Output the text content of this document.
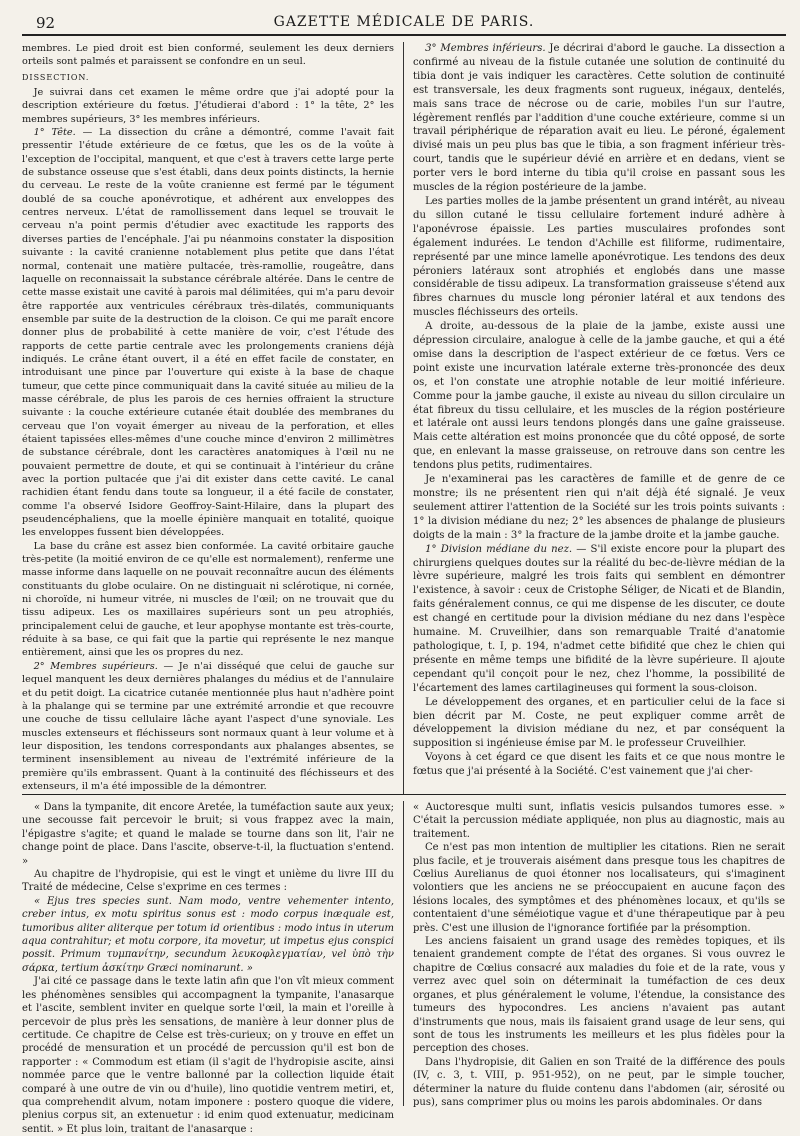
92	GAZETTE MÉDICALE DE PARIS.

membres. Le pied droit est bien conformé, seulement les deux derniers orteils sont palmés et paraissent se confondre en un seul.

DISSECTION.

Je suivrai dans cet examen le même ordre que j'ai adopté pour la description extérieure du fœtus. J'étudierai d'abord : 1° la tête, 2° les membres supérieurs, 3° les membres inférieurs.

1° Tête. — La dissection du crâne a démontré, comme l'avait fait pressentir l'étude extérieure de ce fœtus, que les os de la voûte à l'exception de l'occipital, manquent, et que c'est à travers cette large perte de substance osseuse que s'est établi, dans deux points distincts, la hernie du cerveau. Le reste de la voûte cranienne est fermé par le tégument doublé de sa couche aponévrotique, et adhérent aux enveloppes des centres nerveux. L'état de ramollissement dans lequel se trouvait le cerveau n'a point permis d'étudier avec exactitude les rapports des diverses parties de l'encéphale. J'ai pu néanmoins constater la disposition suivante : la cavité cranienne notablement plus petite que dans l'état normal, contenait une matière pultacée, très-ramollie, rougeâtre, dans laquelle on reconnaissait la substance cérébrale altérée. Dans le centre de cette masse existait une cavité à parois mal délimitées, qui m'a paru devoir être rapportée aux ventricules cérébraux très-dilatés, communiquants ensemble par suite de la destruction de la cloison. Ce qui me paraît encore donner plus de probabilité à cette manière de voir, c'est l'étude des rapports de cette partie centrale avec les prolongements craniens déjà indiqués. Le crâne étant ouvert, il a été en effet facile de constater, en introduisant une pince par l'ouverture qui existe à la base de chaque tumeur, que cette pince communiquait dans la cavité située au milieu de la masse cérébrale, de plus les parois de ces hernies offraient la structure suivante : la couche extérieure cutanée était doublée des membranes du cerveau que l'on voyait émerger au niveau de la perforation, et elles étaient tapissées elles-mêmes d'une couche mince d'environ 2 millimètres de substance cérébrale, dont les caractères anatomiques à l'œil nu ne pouvaient permettre de doute, et qui se continuait à l'intérieur du crâne avec la portion pultacée que j'ai dit exister dans cette cavité. Le canal rachidien étant fendu dans toute sa longueur, il a été facile de constater, comme l'a observé Isidore Geoffroy-Saint-Hilaire, dans la plupart des pseudencéphaliens, que la moelle épinière manquait en totalité, quoique les enveloppes fussent bien développées.

La base du crâne est assez bien conformée. La cavité orbitaire gauche très-petite (la moitié environ de ce qu'elle est normalement), renferme une masse informe dans laquelle on ne pouvait reconnaître aucun des éléments constituants du globe oculaire. On ne distinguait ni sclérotique, ni cornée, ni choroïde, ni humeur vitrée, ni muscles de l'œil; on ne trouvait que du tissu adipeux. Les os maxillaires supérieurs sont un peu atrophiés, principalement celui de gauche, et leur apophyse montante est très-courte, réduite à sa base, ce qui fait que la partie qui représente le nez manque entièrement, ainsi que les os propres du nez.

2° Membres supérieurs. — Je n'ai disséqué que celui de gauche sur lequel manquent les deux dernières phalanges du médius et de l'annulaire et du petit doigt. La cicatrice cutanée mentionnée plus haut n'adhère point à la phalange qui se termine par une extrémité arrondie et que recouvre une couche de tissu cellulaire lâche ayant l'aspect d'une synoviale. Les muscles extenseurs et fléchisseurs sont normaux quant à leur volume et à leur disposition, les tendons correspondants aux phalanges absentes, se terminent insensiblement au niveau de l'extrémité inférieure de la première qu'ils embrassent. Quant à la continuité des fléchisseurs et des extenseurs, il m'a été impossible de la démontrer.

3° Membres inférieurs. Je décrirai d'abord le gauche. La dissection a confirmé au niveau de la fistule cutanée une solution de continuité du tibia dont je vais indiquer les caractères. Cette solution de continuité est transversale, les deux fragments sont rugueux, inégaux, dentelés, mais sans trace de nécrose ou de carie, mobiles l'un sur l'autre, légèrement renflés par l'addition d'une couche extérieure, comme si un travail périphérique de réparation avait eu lieu. Le péroné, également divisé mais un peu plus bas que le tibia, a son fragment inférieur très-court, tandis que le supérieur dévié en arrière et en dedans, vient se porter vers le bord interne du tibia qu'il croise en passant sous les muscles de la région postérieure de la jambe.

Les parties molles de la jambe présentent un grand intérêt, au niveau du sillon cutané le tissu cellulaire fortement induré adhère à l'aponévrose épaissie. Les parties musculaires profondes sont également indurées. Le tendon d'Achille est filiforme, rudimentaire, représenté par une mince lamelle aponévrotique. Les tendons des deux péroniers latéraux sont atrophiés et englobés dans une masse considérable de tissu adipeux. La transformation graisseuse s'étend aux fibres charnues du muscle long péronier latéral et aux tendons des muscles fléchisseurs des orteils.

A droite, au-dessous de la plaie de la jambe, existe aussi une dépression circulaire, analogue à celle de la jambe gauche, et qui a été omise dans la description de l'aspect extérieur de ce fœtus. Vers ce point existe une incurvation latérale externe très-prononcée des deux os, et l'on constate une atrophie notable de leur moitié inférieure. Comme pour la jambe gauche, il existe au niveau du sillon circulaire un état fibreux du tissu cellulaire, et les muscles de la région postérieure et latérale ont aussi leurs tendons plongés dans une gaîne graisseuse. Mais cette altération est moins prononcée que du côté opposé, de sorte que, en enlevant la masse graisseuse, on retrouve dans son centre les tendons plus petits, rudimentaires.

Je n'examinerai pas les caractères de famille et de genre de ce monstre; ils ne présentent rien qui n'ait déjà été signalé. Je veux seulement attirer l'attention de la Société sur les trois points suivants : 1° la division médiane du nez; 2° les absences de phalange de plusieurs doigts de la main : 3° la fracture de la jambe droite et la jambe gauche.

1° Division médiane du nez. — S'il existe encore pour la plupart des chirurgiens quelques doutes sur la réalité du bec-de-lièvre médian de la lèvre supérieure, malgré les trois faits qui semblent en démontrer l'existence, à savoir : ceux de Cristophe Séliger, de Nicati et de Blandin, faits généralement connus, ce qui me dispense de les discuter, ce doute est changé en certitude pour la division médiane du nez dans l'espèce humaine. M. Cruveilhier, dans son remarquable Traité d'anatomie pathologique, t. I, p. 194, n'admet cette bifidité que chez le chien qui présente en même temps une bifidité de la lèvre supérieure. Il ajoute cependant qu'il conçoit pour le nez, chez l'homme, la possibilité de l'écartement des lames cartilagineuses qui forment la sous-cloison.

Le développement des organes, et en particulier celui de la face si bien décrit par M. Coste, ne peut expliquer comme arrêt de développement la division médiane du nez, et par conséquent la supposition si ingénieuse émise par M. le professeur Cruveilhier.

Voyons à cet égard ce que disent les faits et ce que nous montre le fœtus que j'ai présenté à la Société. C'est vainement que j'ai cher-

« Dans la tympanite, dit encore Aretée, la tuméfaction saute aux yeux; une secousse fait percevoir le bruit; si vous frappez avec la main, l'épigastre s'agite; et quand le malade se tourne dans son lit, l'air ne change point de place. Dans l'ascite, observe-t-il, la fluctuation s'entend. »

Au chapitre de l'hydropisie, qui est le vingt et unième du livre III du Traité de médecine, Celse s'exprime en ces termes :

« Ejus tres species sunt. Nam modo, ventre vehementer intento, creber intus, ex motu spiritus sonus est : modo corpus inæquale est, tumoribus aliter aliterque per totum id orientibus : modo intus in uterum aqua contrahitur; et motu corpore, ita movetur, ut impetus ejus conspici possit. Primum τυμπανίτην, secundum λευκοφλεγματίαν, vel ὑπὸ τὴν σάρκα, tertium ἀσκίτην Græci nominarunt. »

J'ai cité ce passage dans le texte latin afin que l'on vît mieux comment les phénomènes sensibles qui accompagnent la tympanite, l'anasarque et l'ascite, semblent inviter en quelque sorte l'œil, la main et l'oreille à percevoir de plus près les sensations, de manière à leur donner plus de certitude. Ce chapitre de Celse est très-curieux; on y trouve en effet un procédé de mensuration et un procédé de percussion qu'il est bon de rapporter : « Commodum est etiam (il s'agit de l'hydropisie ascite, ainsi nommée parce que le ventre ballonné par la collection liquide était comparé à une outre de vin ou d'huile), lino quotidie ventrem metiri, et, qua comprehendit alvum, notam imponere : postero quoque die videre, plenius corpus sit, an extenuetur : id enim quod extenuatur, medicinam sentit. » Et plus loin, traitant de l'anasarque :

« Auctoresque multi sunt, inflatis vesicis pulsandos tumores esse. » C'était la percussion médiate appliquée, non plus au diagnostic, mais au traitement.

Ce n'est pas mon intention de multiplier les citations. Rien ne serait plus facile, et je trouverais aisément dans presque tous les chapitres de Cœlius Aurelianus de quoi étonner nos localisateurs, qui s'imaginent volontiers que les anciens ne se préoccupaient en aucune façon des lésions locales, des symptômes et des phénomènes locaux, et qu'ils se contentaient d'une séméiotique vague et d'une thérapeutique par à peu près. C'est une illusion de l'ignorance fortifiée par la présomption.

Les anciens faisaient un grand usage des remèdes topiques, et ils tenaient grandement compte de l'état des organes. Si vous ouvrez le chapitre de Cœlius consacré aux maladies du foie et de la rate, vous y verrez avec quel soin on déterminait la tuméfaction de ces deux organes, et plus généralement le volume, l'étendue, la consistance des tumeurs des hypocondres. Les anciens n'avaient pas autant d'instruments que nous, mais ils faisaient grand usage de leur sens, qui sont de tous les instruments les meilleurs et les plus fidèles pour la perception des choses.

Dans l'hydropisie, dit Galien en son Traité de la différence des pouls (IV, c. 3, t. VIII, p. 951-952), on ne peut, par le simple toucher, déterminer la nature du fluide contenu dans l'abdomen (air, sérosité ou pus), sans comprimer plus ou moins les parois abdominales. Or dans
